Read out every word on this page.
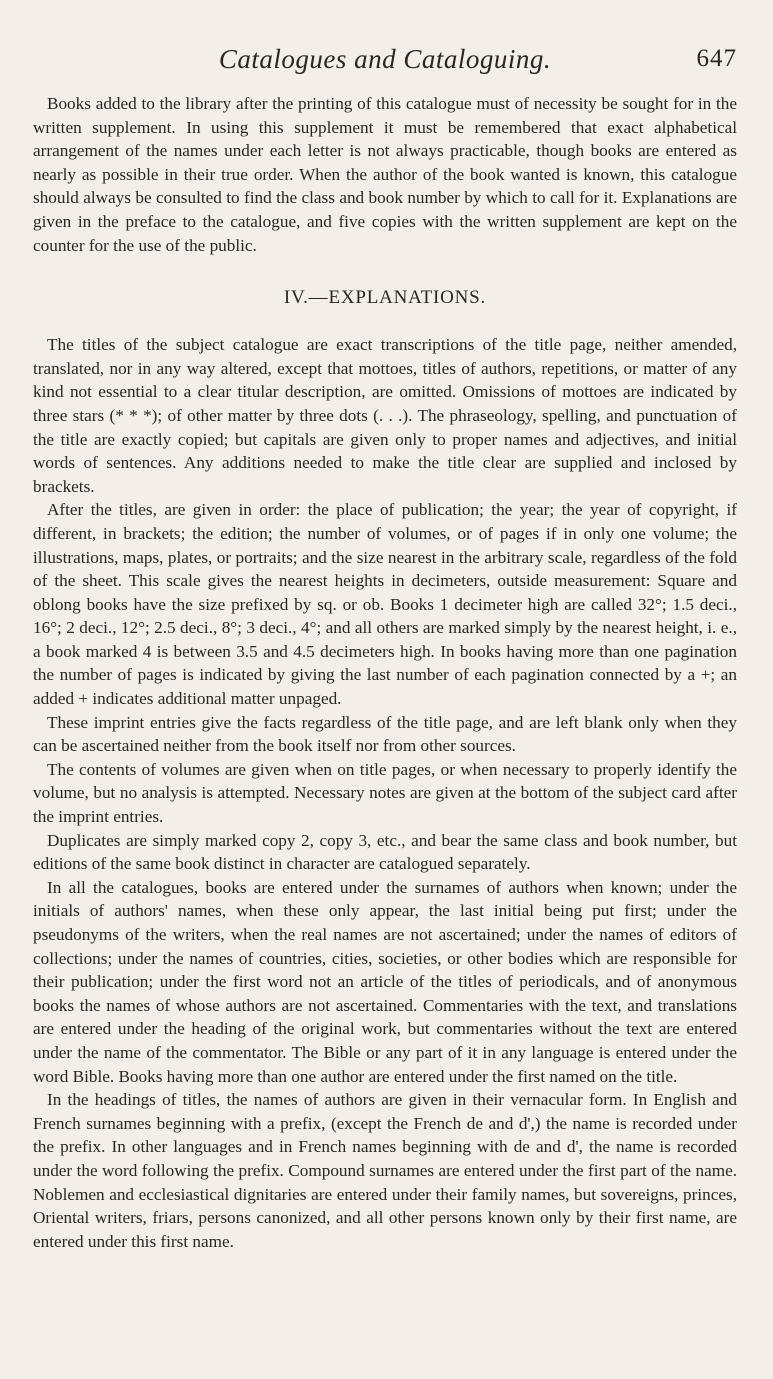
Catalogues and Cataloguing.	647

Books added to the library after the printing of this catalogue must of necessity be sought for in the written supplement. In using this supplement it must be remembered that exact alphabetical arrangement of the names under each letter is not always practicable, though books are entered as nearly as possible in their true order. When the author of the book wanted is known, this catalogue should always be consulted to find the class and book number by which to call for it. Explanations are given in the preface to the catalogue, and five copies with the written supplement are kept on the counter for the use of the public.

IV.—EXPLANATIONS.

The titles of the subject catalogue are exact transcriptions of the title page, neither amended, translated, nor in any way altered, except that mottoes, titles of authors, repetitions, or matter of any kind not essential to a clear titular description, are omitted. Omissions of mottoes are indicated by three stars (* * *); of other matter by three dots (. . .). The phraseology, spelling, and punctuation of the title are exactly copied; but capitals are given only to proper names and adjectives, and initial words of sentences. Any additions needed to make the title clear are supplied and inclosed by brackets.

After the titles, are given in order: the place of publication; the year; the year of copyright, if different, in brackets; the edition; the number of volumes, or of pages if in only one volume; the illustrations, maps, plates, or portraits; and the size nearest in the arbitrary scale, regardless of the fold of the sheet. This scale gives the nearest heights in decimeters, outside measurement: Square and oblong books have the size prefixed by sq. or ob. Books 1 decimeter high are called 32°; 1.5 deci., 16°; 2 deci., 12°; 2.5 deci., 8°; 3 deci., 4°; and all others are marked simply by the nearest height, i. e., a book marked 4 is between 3.5 and 4.5 decimeters high. In books having more than one pagination the number of pages is indicated by giving the last number of each pagination connected by a +; an added + indicates additional matter unpaged.

These imprint entries give the facts regardless of the title page, and are left blank only when they can be ascertained neither from the book itself nor from other sources.

The contents of volumes are given when on title pages, or when necessary to properly identify the volume, but no analysis is attempted. Necessary notes are given at the bottom of the subject card after the imprint entries.

Duplicates are simply marked copy 2, copy 3, etc., and bear the same class and book number, but editions of the same book distinct in character are catalogued separately.

In all the catalogues, books are entered under the surnames of authors when known; under the initials of authors' names, when these only appear, the last initial being put first; under the pseudonyms of the writers, when the real names are not ascertained; under the names of editors of collections; under the names of countries, cities, societies, or other bodies which are responsible for their publication; under the first word not an article of the titles of periodicals, and of anonymous books the names of whose authors are not ascertained. Commentaries with the text, and translations are entered under the heading of the original work, but commentaries without the text are entered under the name of the commentator. The Bible or any part of it in any language is entered under the word Bible. Books having more than one author are entered under the first named on the title.

In the headings of titles, the names of authors are given in their vernacular form. In English and French surnames beginning with a prefix, (except the French de and d',) the name is recorded under the prefix. In other languages and in French names beginning with de and d', the name is recorded under the word following the prefix. Compound surnames are entered under the first part of the name. Noblemen and ecclesiastical dignitaries are entered under their family names, but sovereigns, princes, Oriental writers, friars, persons canonized, and all other persons known only by their first name, are entered under this first name.
